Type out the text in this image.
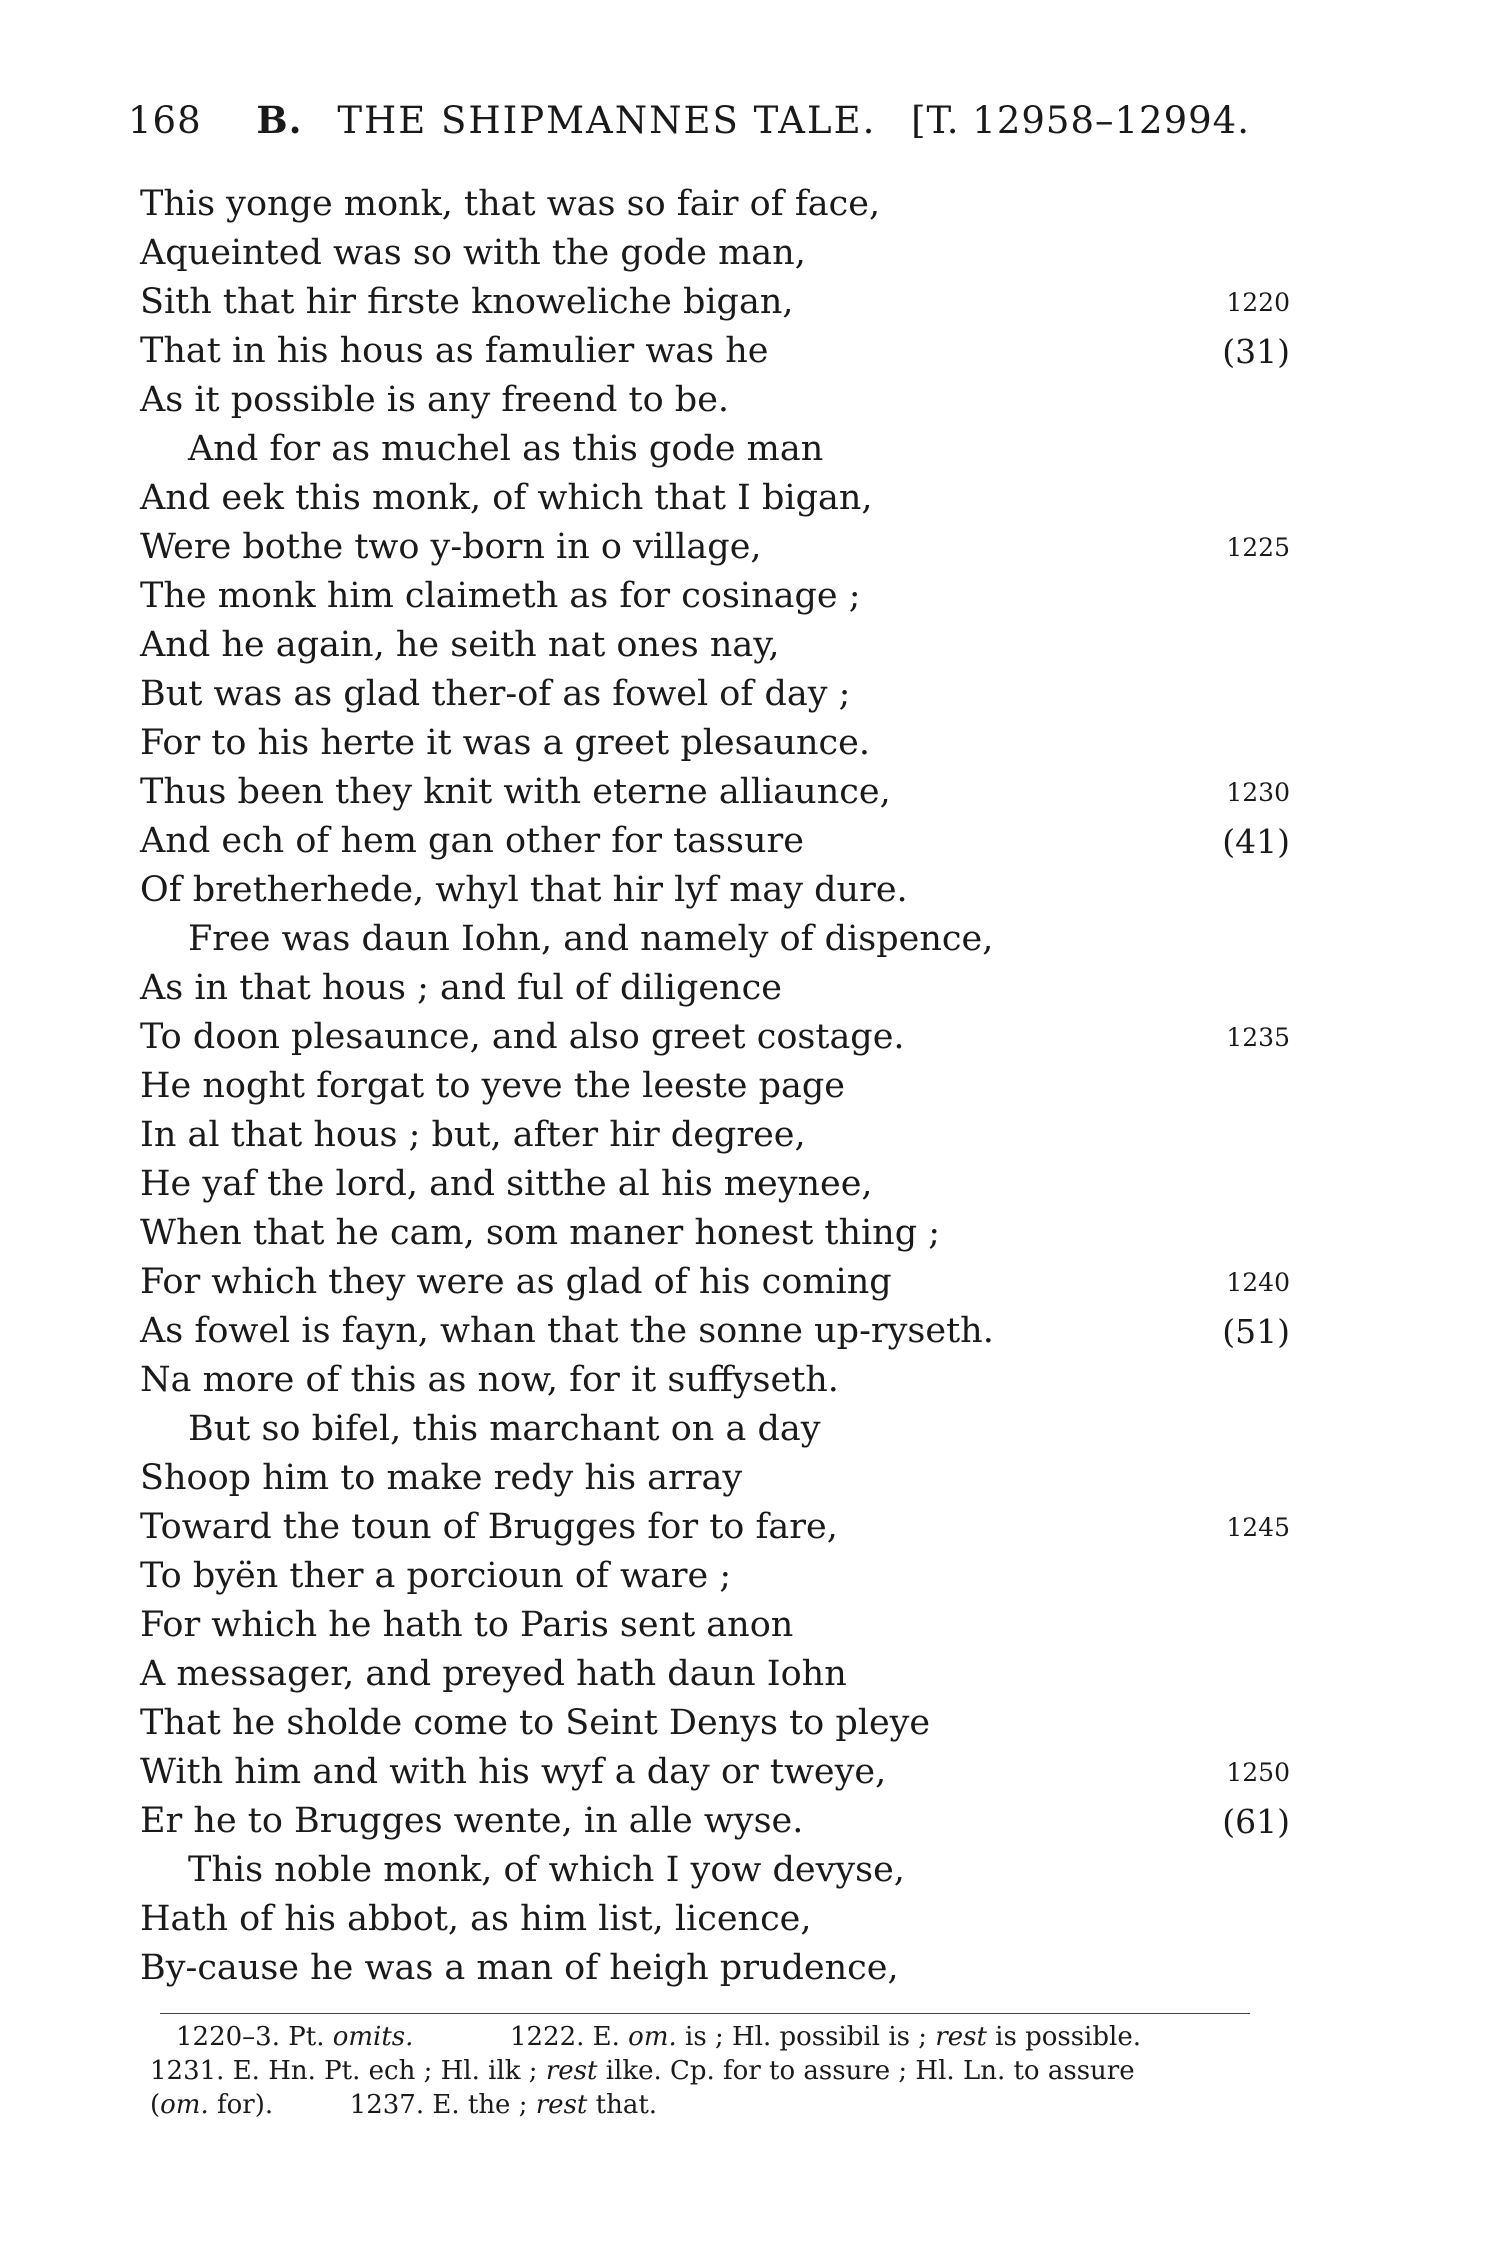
168 B. THE SHIPMANNES TALE. [T. 12958–12994.
This yonge monk, that was so fair of face,
Aqueinted was so with the gode man,
Sith that hir firste knoweliche bigan,	1220
That in his hous as famulier was he	(31)
As it possible is any freend to be.
And for as muchel as this gode man
And eek this monk, of which that I bigan,
Were bothe two y-born in o village,	1225
The monk him claimeth as for cosinage ;
And he again, he seith nat ones nay,
But was as glad ther-of as fowel of day ;
For to his herte it was a greet plesaunce.
Thus been they knit with eterne alliaunce,	1230
And ech of hem gan other for tassure	(41)
Of bretherhede, whyl that hir lyf may dure.
Free was daun Iohn, and namely of dispence,
As in that hous ; and ful of diligence
To doon plesaunce, and also greet costage.	1235
He noght forgat to yeve the leeste page
In al that hous ; but, after hir degree,
He yaf the lord, and sitthe al his meynee,
When that he cam, som maner honest thing ;
For which they were as glad of his coming	1240
As fowel is fayn, whan that the sonne up-ryseth.	(51)
Na more of this as now, for it suffyseth.
But so bifel, this marchant on a day
Shoop him to make redy his array
Toward the toun of Brugges for to fare,	1245
To byën ther a porcioun of ware ;
For which he hath to Paris sent anon
A messager, and preyed hath daun Iohn
That he sholde come to Seint Denys to pleye
With him and with his wyf a day or tweye,	1250
Er he to Brugges wente, in alle wyse.	(61)
This noble monk, of which I yow devyse,
Hath of his abbot, as him list, licence,
By-cause he was a man of heigh prudence,
1220–3. Pt. omits.	1222. E. om. is ; Hl. possibil is ; rest is possible.
1231. E. Hn. Pt. ech ; Hl. ilk ; rest ilke. Cp. for to assure ; Hl. Ln. to assure
(om. for).	1237. E. the ; rest that.
